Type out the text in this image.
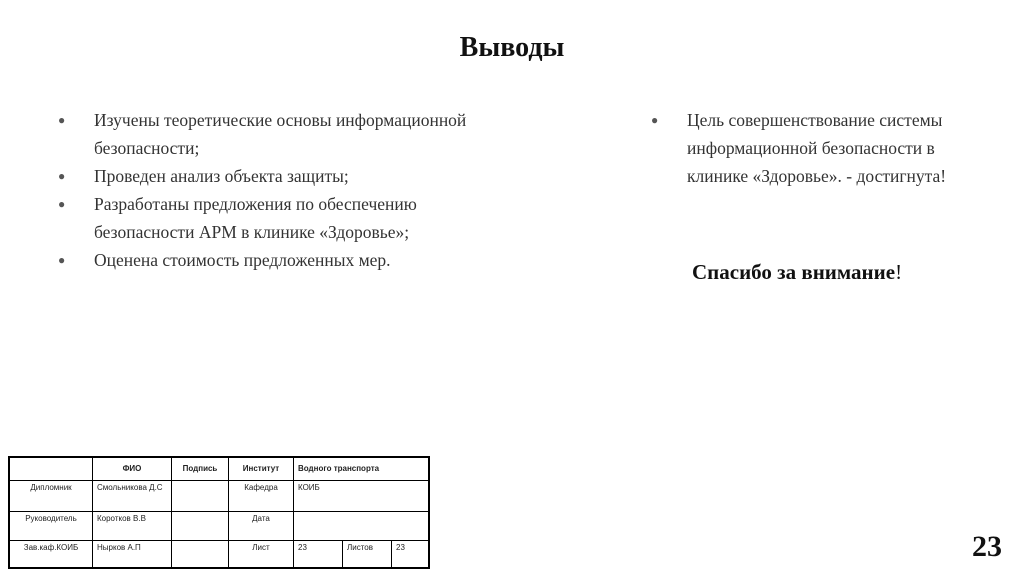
Выводы
● Изучены теоретические основы информационной безопасности;
● Проведен анализ объекта защиты;
● Разработаны предложения по обеспечению безопасности АРМ в клинике «Здоровье»;
● Оценена стоимость предложенных мер.
● Цель совершенствование системы информационной безопасности в клинике «Здоровье». - достигнута!
Спасибо за внимание!
	ФИО	Подпись	Институт	Водного транспорта		
Дипломник	Смольникова Д.С		Кафедра	КОИБ		
Руководитель	Коротков В.В		Дата			
Зав.каф.КОИБ	Нырков А.П		Лист	23	Листов	23	23
